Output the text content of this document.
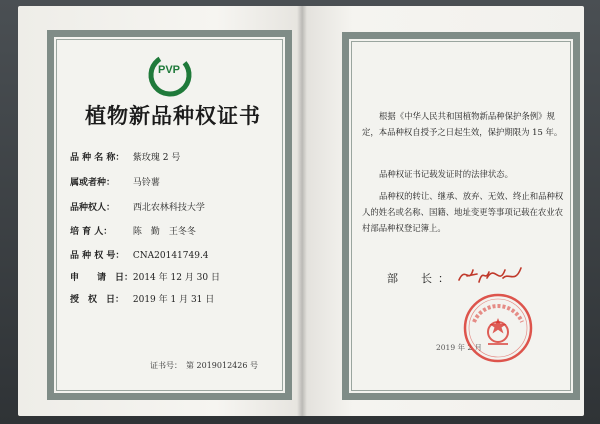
PVP
植物新品种权证书
品 种 名 称： 紫玫瑰 2 号
属或者种： 马铃薯
品种权人： 西北农林科技大学
培 育 人： 陈　勤　王冬冬
品 种 权 号： CNA20141749.4
申　　请　日： 2014 年 12 月 30 日
授　权　日： 2019 年 1 月 31 日
证书号：　第 2019012426 号
根据《中华人民共和国植物新品种保护条例》规定，本品种权自授予之日起生效，保护期限为 15 年。
品种权证书记载发证时的法律状态。
品种权的转让、继承、放弃、无效、终止和品种权人的姓名或名称、国籍、地址变更等事项记载在农业农村部品种权登记簿上。
部　长：
2019 年 2 月
